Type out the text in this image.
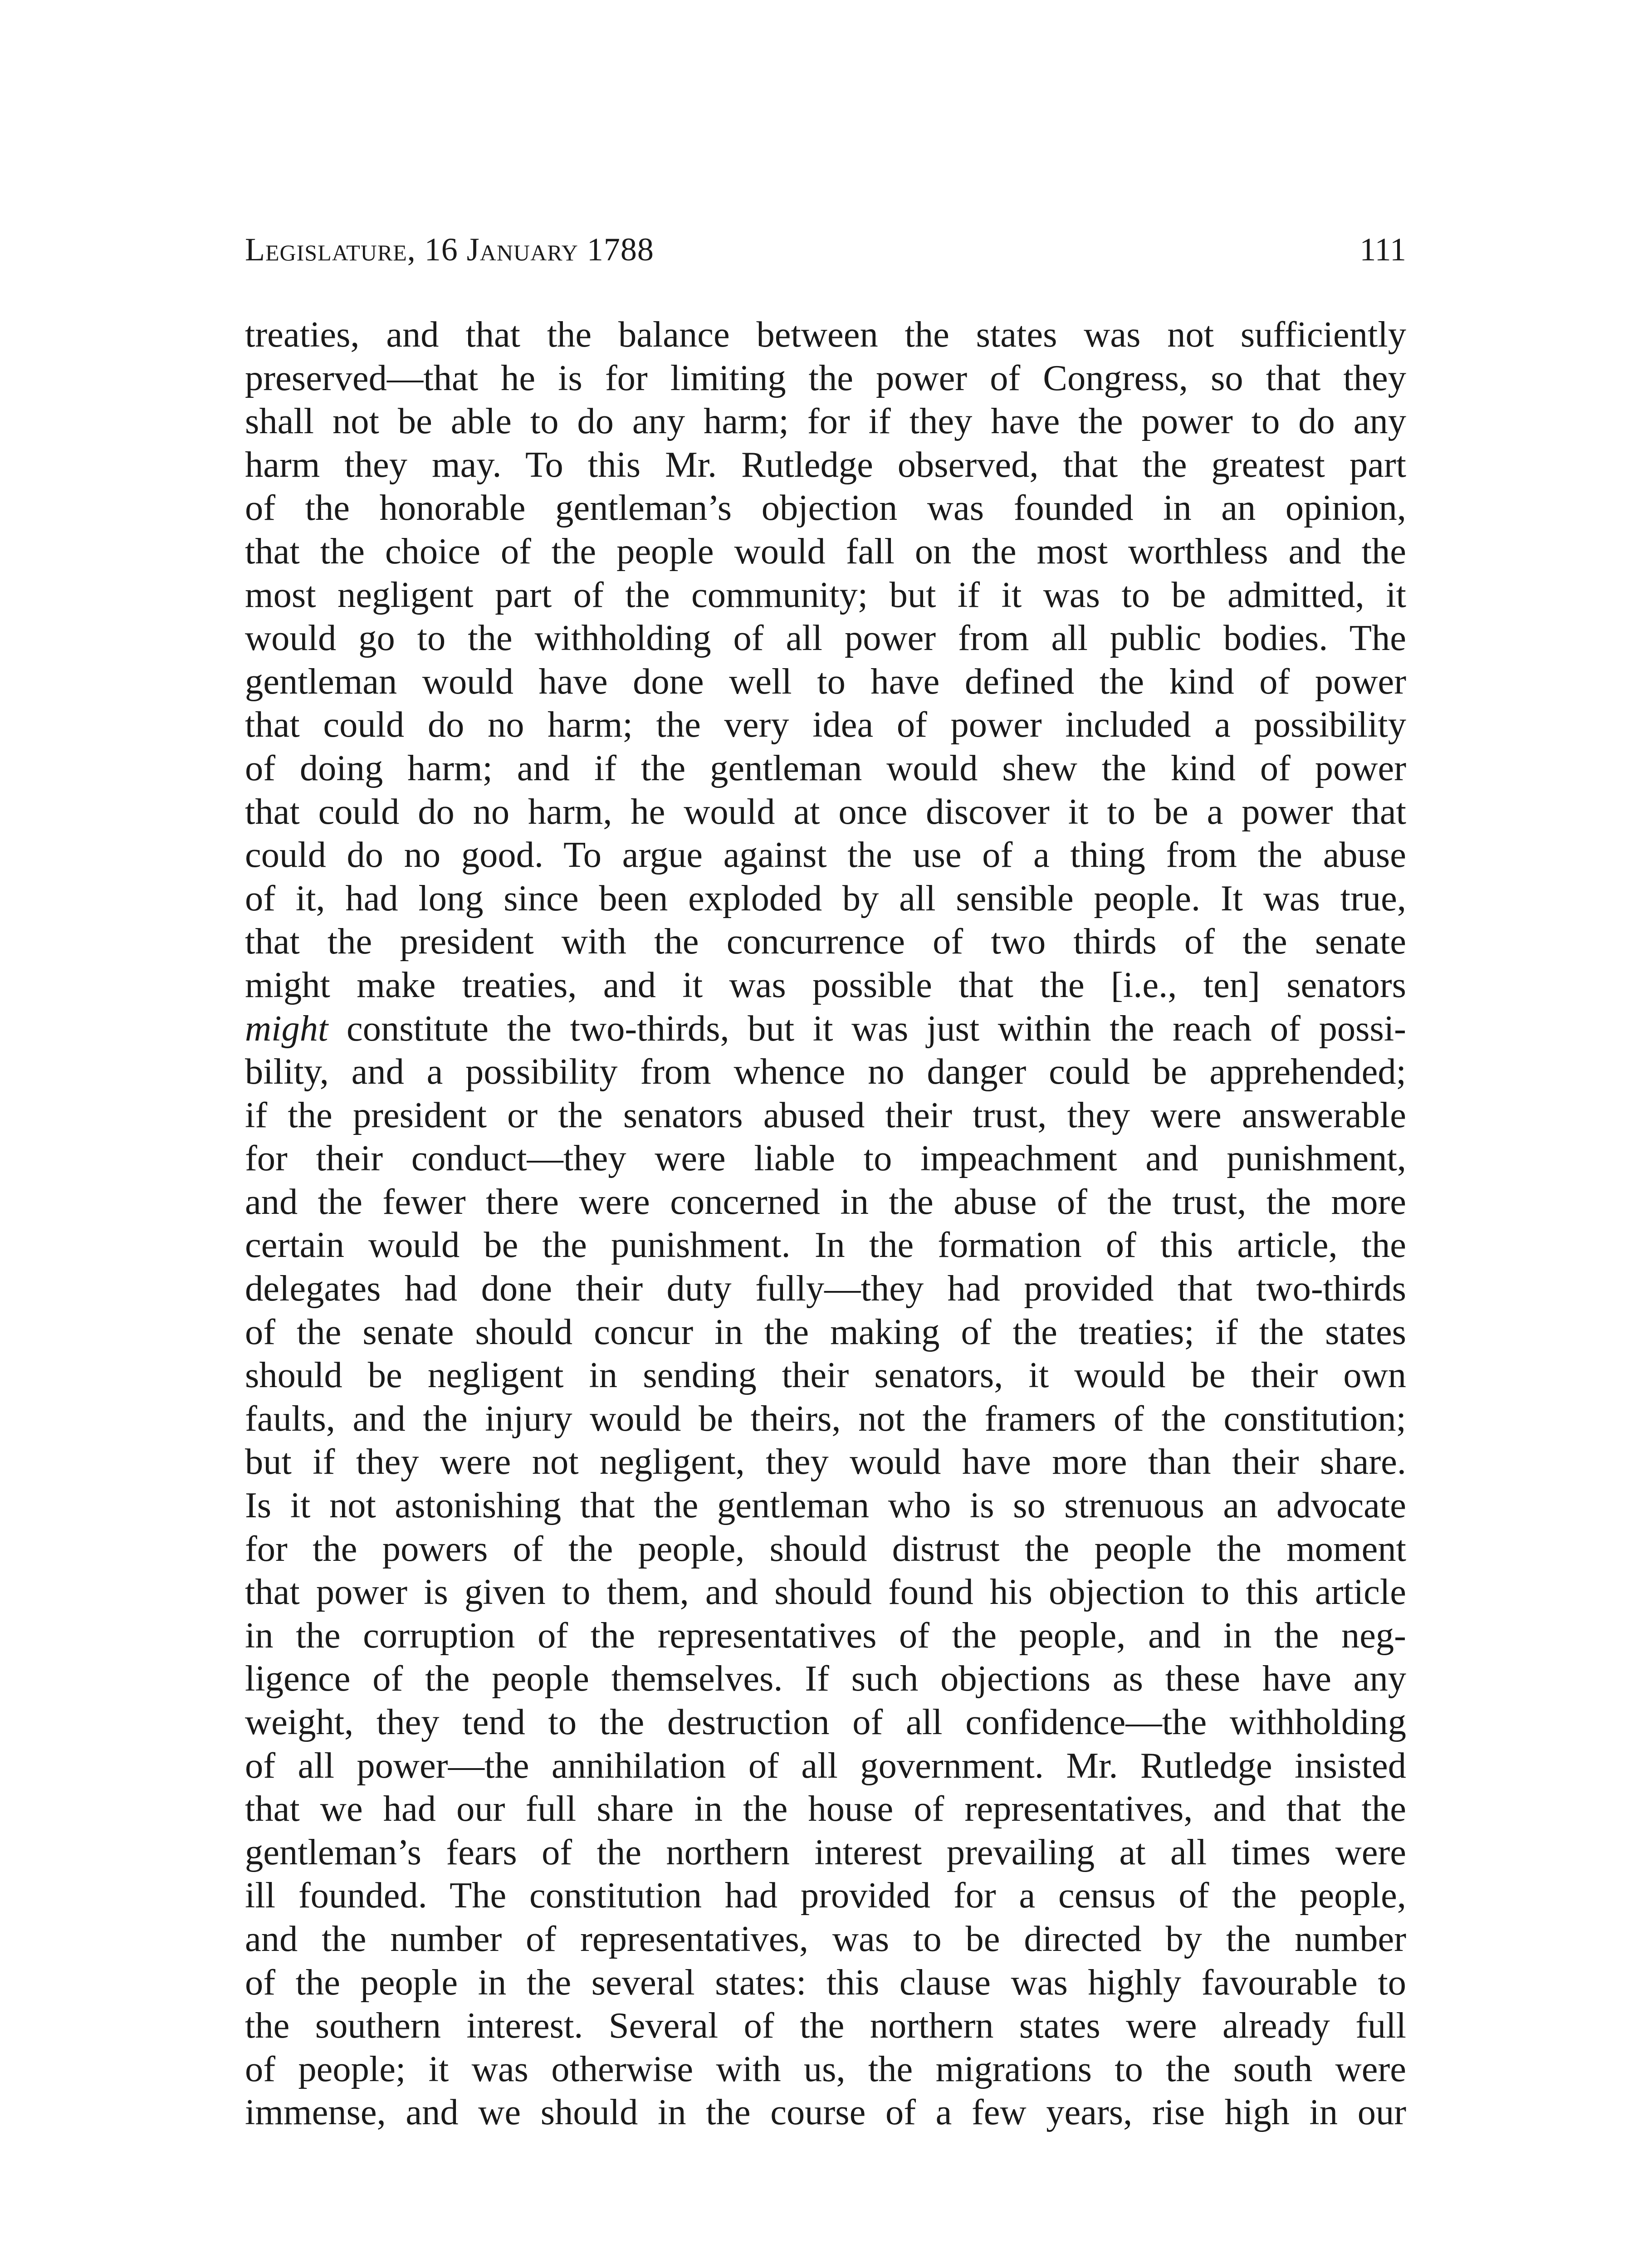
Legislature, 16 January 1788	111
treaties, and that the balance between the states was not sufficiently
preserved—that he is for limiting the power of Congress, so that they
shall not be able to do any harm; for if they have the power to do any
harm they may. To this Mr. Rutledge observed, that the greatest part
of the honorable gentleman’s objection was founded in an opinion,
that the choice of the people would fall on the most worthless and the
most negligent part of the community; but if it was to be admitted, it
would go to the withholding of all power from all public bodies. The
gentleman would have done well to have defined the kind of power
that could do no harm; the very idea of power included a possibility
of doing harm; and if the gentleman would shew the kind of power
that could do no harm, he would at once discover it to be a power that
could do no good. To argue against the use of a thing from the abuse
of it, had long since been exploded by all sensible people. It was true,
that the president with the concurrence of two thirds of the senate
might make treaties, and it was possible that the [i.e., ten] senators
might constitute the two-thirds, but it was just within the reach of possi-
bility, and a possibility from whence no danger could be apprehended;
if the president or the senators abused their trust, they were answerable
for their conduct—they were liable to impeachment and punishment,
and the fewer there were concerned in the abuse of the trust, the more
certain would be the punishment. In the formation of this article, the
delegates had done their duty fully—they had provided that two-thirds
of the senate should concur in the making of the treaties; if the states
should be negligent in sending their senators, it would be their own
faults, and the injury would be theirs, not the framers of the constitution;
but if they were not negligent, they would have more than their share.
Is it not astonishing that the gentleman who is so strenuous an advocate
for the powers of the people, should distrust the people the moment
that power is given to them, and should found his objection to this article
in the corruption of the representatives of the people, and in the neg-
ligence of the people themselves. If such objections as these have any
weight, they tend to the destruction of all confidence—the withholding
of all power—the annihilation of all government. Mr. Rutledge insisted
that we had our full share in the house of representatives, and that the
gentleman’s fears of the northern interest prevailing at all times were
ill founded. The constitution had provided for a census of the people,
and the number of representatives, was to be directed by the number
of the people in the several states: this clause was highly favourable to
the southern interest. Several of the northern states were already full
of people; it was otherwise with us, the migrations to the south were
immense, and we should in the course of a few years, rise high in our
